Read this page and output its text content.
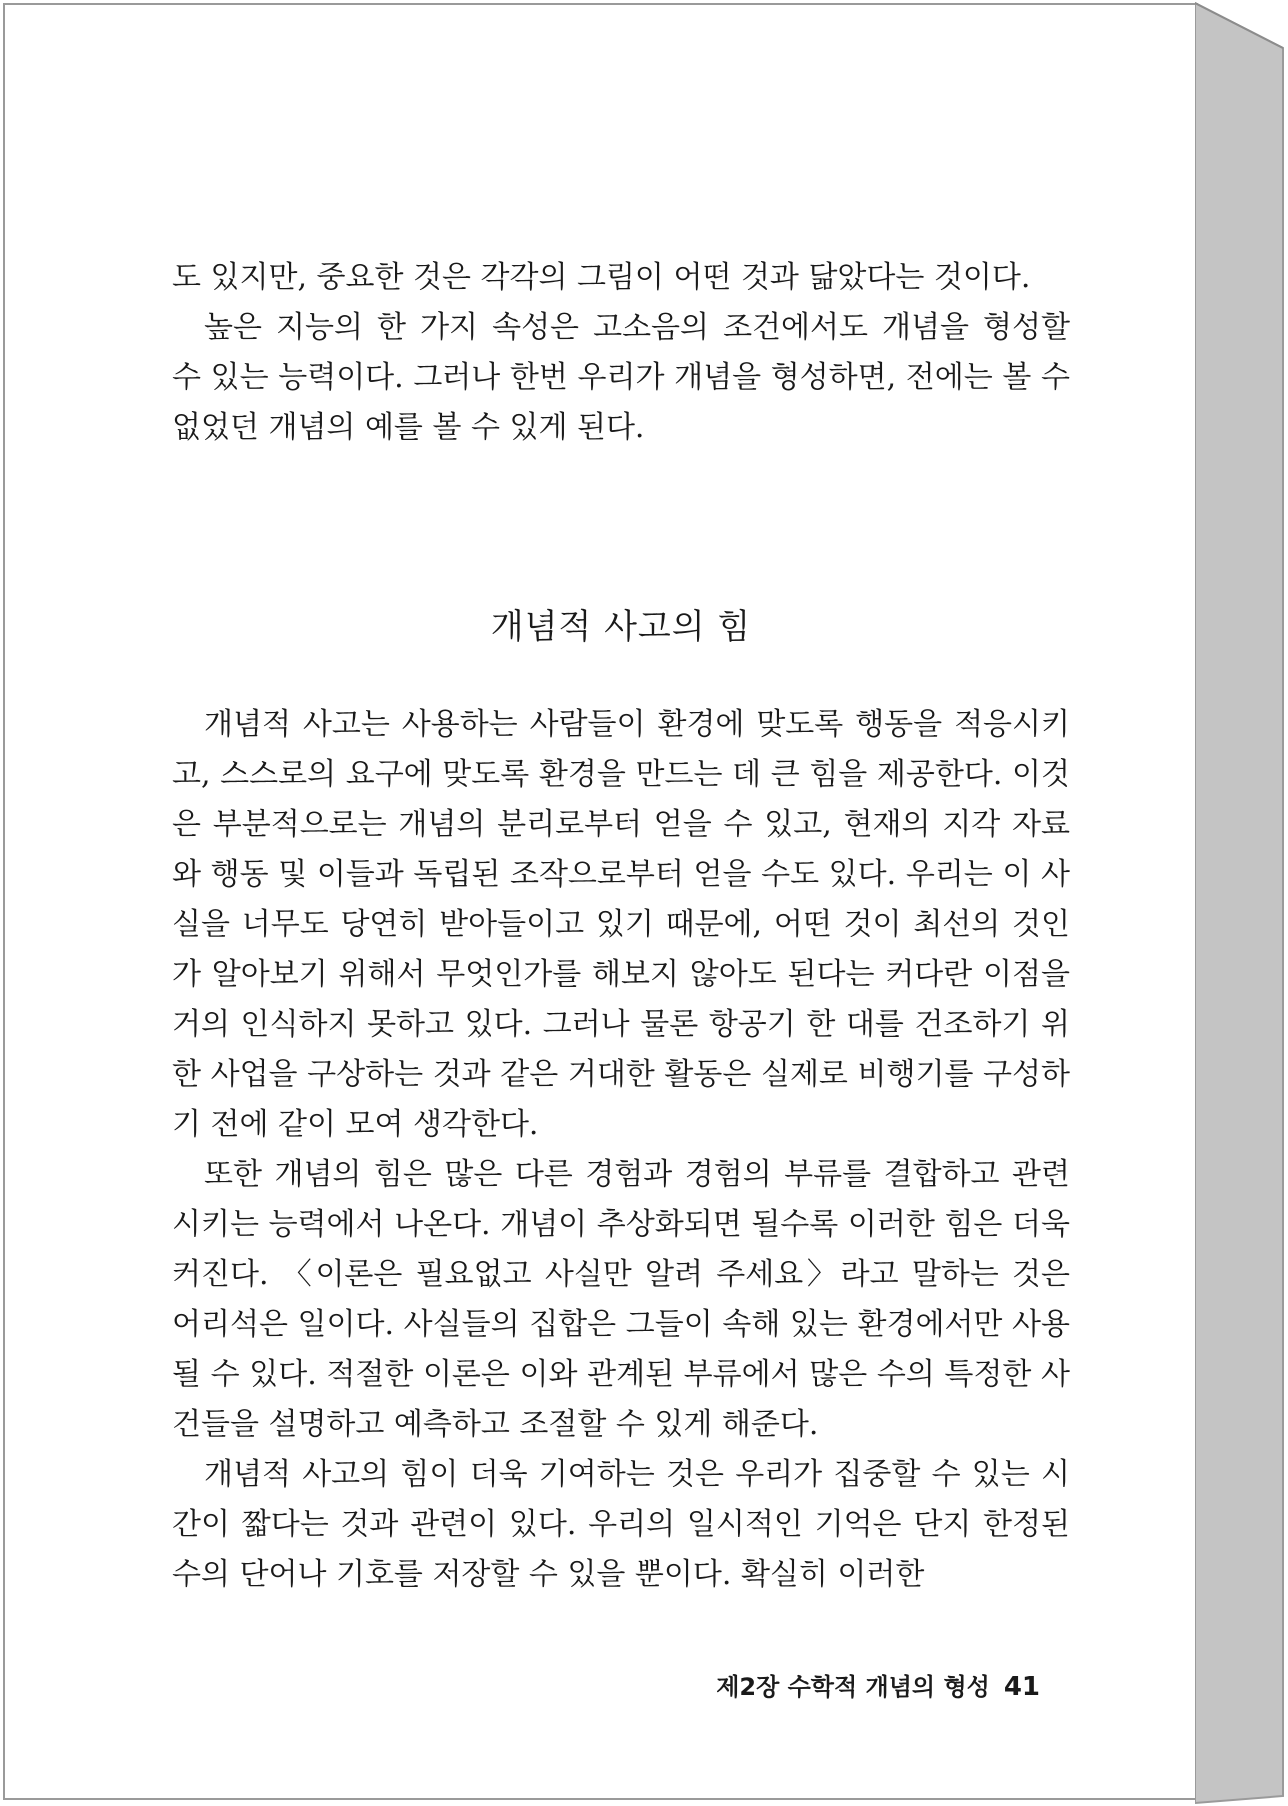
도 있지만, 중요한 것은 각각의 그림이 어떤 것과 닮았다는 것이다.

높은 지능의 한 가지 속성은 고소음의 조건에서도 개념을 형성할 수 있는 능력이다. 그러나 한번 우리가 개념을 형성하면, 전에는 볼 수 없었던 개념의 예를 볼 수 있게 된다.

개념적 사고의 힘

개념적 사고는 사용하는 사람들이 환경에 맞도록 행동을 적응시키고, 스스로의 요구에 맞도록 환경을 만드는 데 큰 힘을 제공한다. 이것은 부분적으로는 개념의 분리로부터 얻을 수 있고, 현재의 지각 자료와 행동 및 이들과 독립된 조작으로부터 얻을 수도 있다. 우리는 이 사실을 너무도 당연히 받아들이고 있기 때문에, 어떤 것이 최선의 것인가 알아보기 위해서 무엇인가를 해보지 않아도 된다는 커다란 이점을 거의 인식하지 못하고 있다. 그러나 물론 항공기 한 대를 건조하기 위한 사업을 구상하는 것과 같은 거대한 활동은 실제로 비행기를 구성하기 전에 같이 모여 생각한다.

또한 개념의 힘은 많은 다른 경험과 경험의 부류를 결합하고 관련시키는 능력에서 나온다. 개념이 추상화되면 될수록 이러한 힘은 더욱 커진다. 〈이론은 필요없고 사실만 알려 주세요〉라고 말하는 것은 어리석은 일이다. 사실들의 집합은 그들이 속해 있는 환경에서만 사용될 수 있다. 적절한 이론은 이와 관계된 부류에서 많은 수의 특정한 사건들을 설명하고 예측하고 조절할 수 있게 해준다.

개념적 사고의 힘이 더욱 기여하는 것은 우리가 집중할 수 있는 시간이 짧다는 것과 관련이 있다. 우리의 일시적인 기억은 단지 한정된 수의 단어나 기호를 저장할 수 있을 뿐이다. 확실히 이러한

제2장 수학적 개념의 형성 41
